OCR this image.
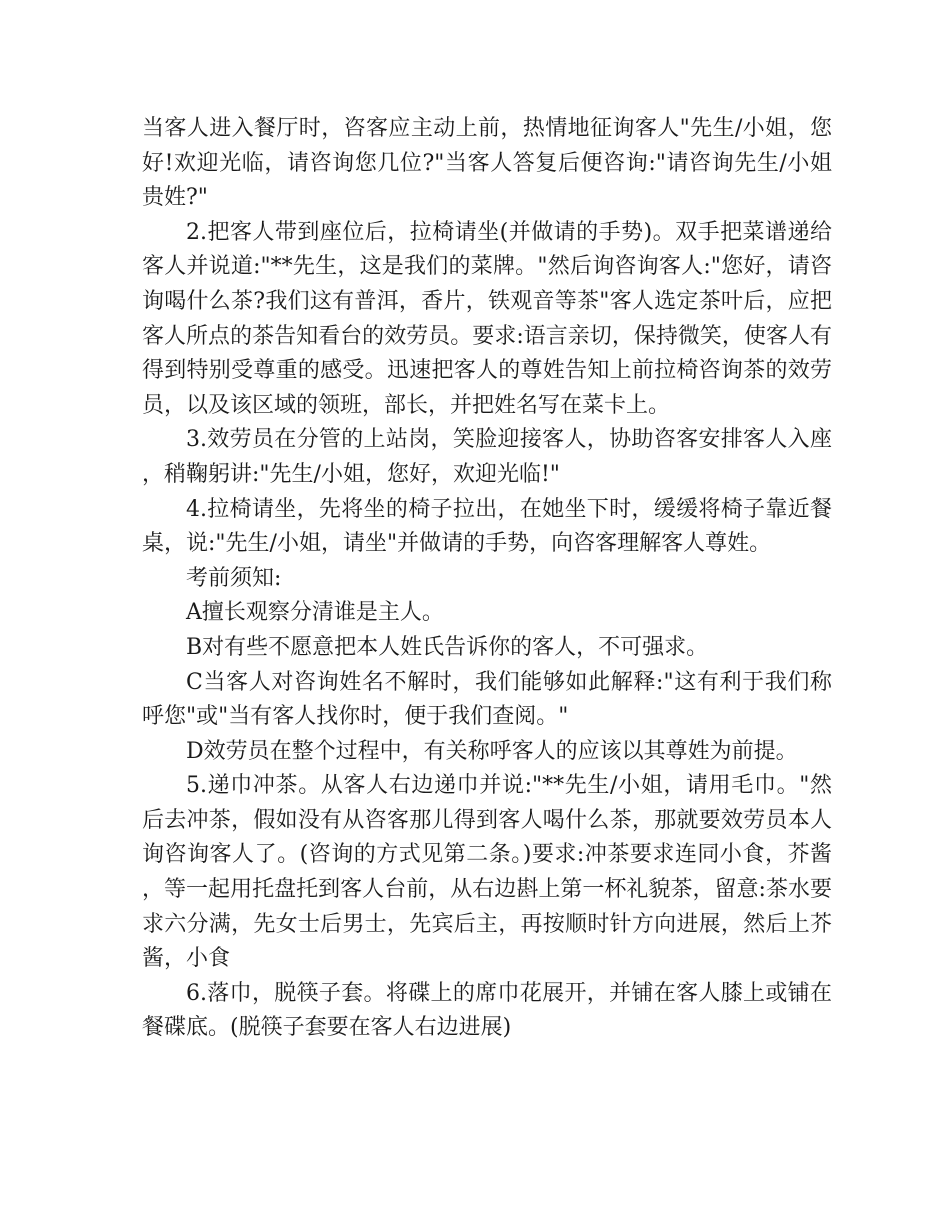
当客人进入餐厅时，咨客应主动上前，热情地征询客人"先生/小姐，您好!欢迎光临，请咨询您几位?"当客人答复后便咨询:"请咨询先生/小姐贵姓?"

2.把客人带到座位后，拉椅请坐(并做请的手势)。双手把菜谱递给客人并说道:"**先生，这是我们的菜牌。"然后询咨询客人:"您好，请咨询喝什么茶?我们这有普洱，香片，铁观音等茶"客人选定茶叶后，应把客人所点的茶告知看台的效劳员。要求:语言亲切，保持微笑，使客人有得到特别受尊重的感受。迅速把客人的尊姓告知上前拉椅咨询茶的效劳员，以及该区域的领班，部长，并把姓名写在菜卡上。

3.效劳员在分管的上站岗，笑脸迎接客人，协助咨客安排客人入座，稍鞠躬讲:"先生/小姐，您好，欢迎光临!"

4.拉椅请坐，先将坐的椅子拉出，在她坐下时，缓缓将椅子靠近餐桌，说:"先生/小姐，请坐"并做请的手势，向咨客理解客人尊姓。

考前须知:

A擅长观察分清谁是主人。

B对有些不愿意把本人姓氏告诉你的客人，不可强求。

C当客人对咨询姓名不解时，我们能够如此解释:"这有利于我们称呼您"或"当有客人找你时，便于我们查阅。"

D效劳员在整个过程中，有关称呼客人的应该以其尊姓为前提。

5.递巾冲茶。从客人右边递巾并说:"**先生/小姐，请用毛巾。"然后去冲茶，假如没有从咨客那儿得到客人喝什么茶，那就要效劳员本人询咨询客人了。(咨询的方式见第二条。)要求:冲茶要求连同小食，芥酱，等一起用托盘托到客人台前，从右边斟上第一杯礼貌茶，留意:茶水要求六分满，先女士后男士，先宾后主，再按顺时针方向进展，然后上芥酱，小食

6.落巾，脱筷子套。将碟上的席巾花展开，并铺在客人膝上或铺在餐碟底。(脱筷子套要在客人右边进展)
